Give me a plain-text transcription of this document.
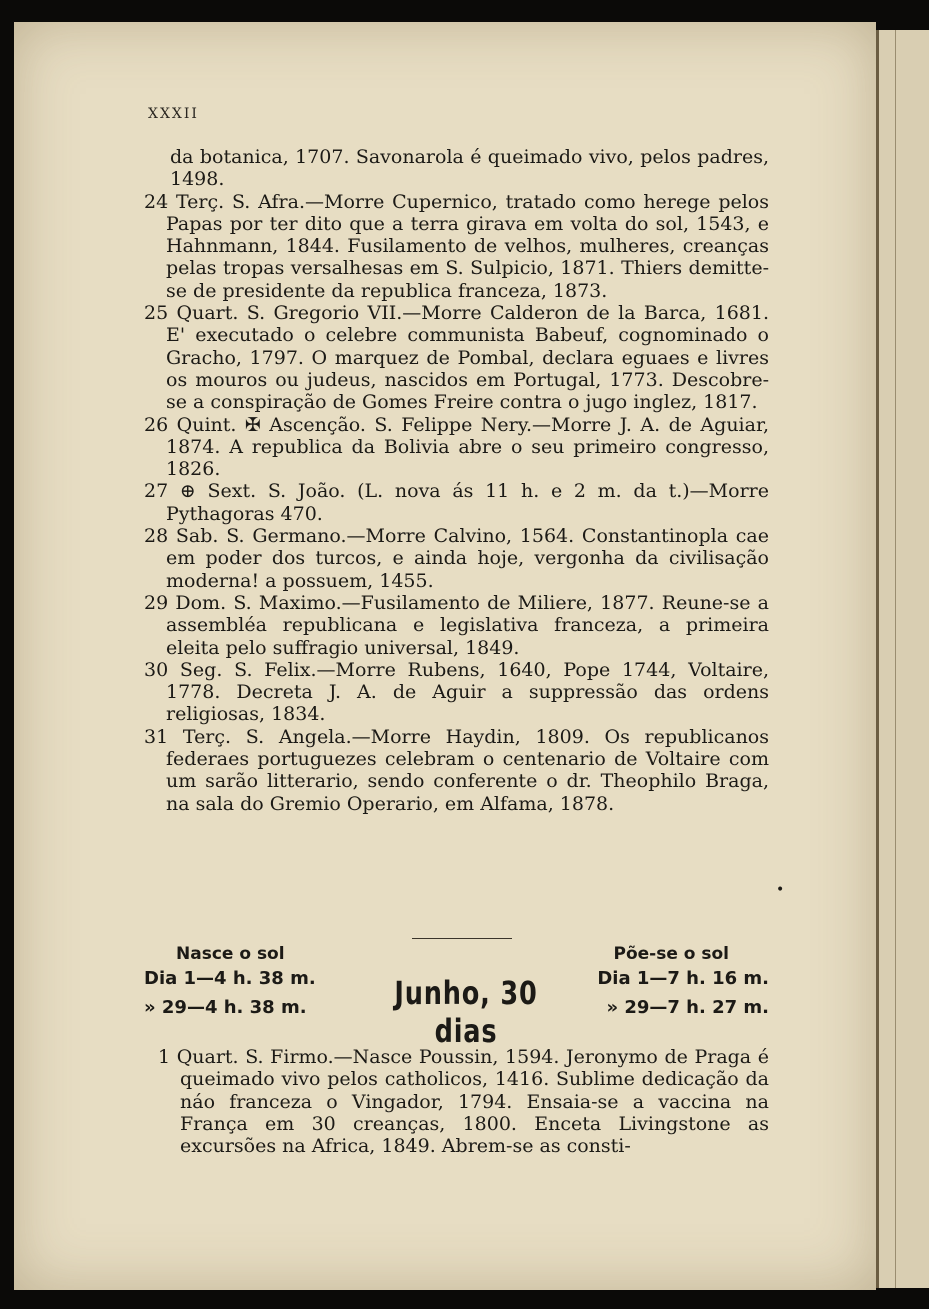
XXXII

da botanica, 1707. Savonarola é queimado vivo, pelos padres, 1498.

24 Terç. S. Afra.—Morre Cupernico, tratado como herege pelos Papas por ter dito que a terra girava em volta do sol, 1543, e Hahnmann, 1844. Fusilamento de velhos, mulheres, creanças pelas tropas versalhesas em S. Sulpicio, 1871. Thiers demitte-se de presidente da republica franceza, 1873.

25 Quart. S. Gregorio VII.—Morre Calderon de la Barca, 1681. E' executado o celebre communista Babeuf, cognominado o Gracho, 1797. O marquez de Pombal, declara eguaes e livres os mouros ou judeus, nascidos em Portugal, 1773. Descobre-se a conspiração de Gomes Freire contra o jugo inglez, 1817.

26 Quint. ✠ Ascenção. S. Felippe Nery.—Morre J. A. de Aguiar, 1874. A republica da Bolivia abre o seu primeiro congresso, 1826.

27 ⊕ Sext. S. João. (L. nova ás 11 h. e 2 m. da t.)—Morre Pythagoras 470.

28 Sab. S. Germano.—Morre Calvino, 1564. Constantinopla cae em poder dos turcos, e ainda hoje, vergonha da civilisação moderna! a possuem, 1455.

29 Dom. S. Maximo.—Fusilamento de Miliere, 1877. Reune-se a assembléa republicana e legislativa franceza, a primeira eleita pelo suffragio universal, 1849.

30 Seg. S. Felix.—Morre Rubens, 1640, Pope 1744, Voltaire, 1778. Decreta J. A. de Aguir a suppressão das ordens religiosas, 1834.

31 Terç. S. Angela.—Morre Haydin, 1809. Os republicanos federaes portuguezes celebram o centenario de Voltaire com um sarão litterario, sendo conferente o dr. Theophilo Braga, na sala do Gremio Operario, em Alfama, 1878.

•
Nasce o sol
Dia 1—4 h. 38 m.
» 29—4 h. 38 m.	Junho, 30 dias
Põe-se o sol
Dia 1—7 h. 16 m.
» 29—7 h. 27 m.

1 Quart. S. Firmo.—Nasce Poussin, 1594. Jeronymo de Praga é queimado vivo pelos catholicos, 1416. Sublime dedicação da náo franceza o Vingador, 1794. Ensaia-se a vaccina na França em 30 creanças, 1800. Enceta Livingstone as excursões na Africa, 1849. Abrem-se as consti-
